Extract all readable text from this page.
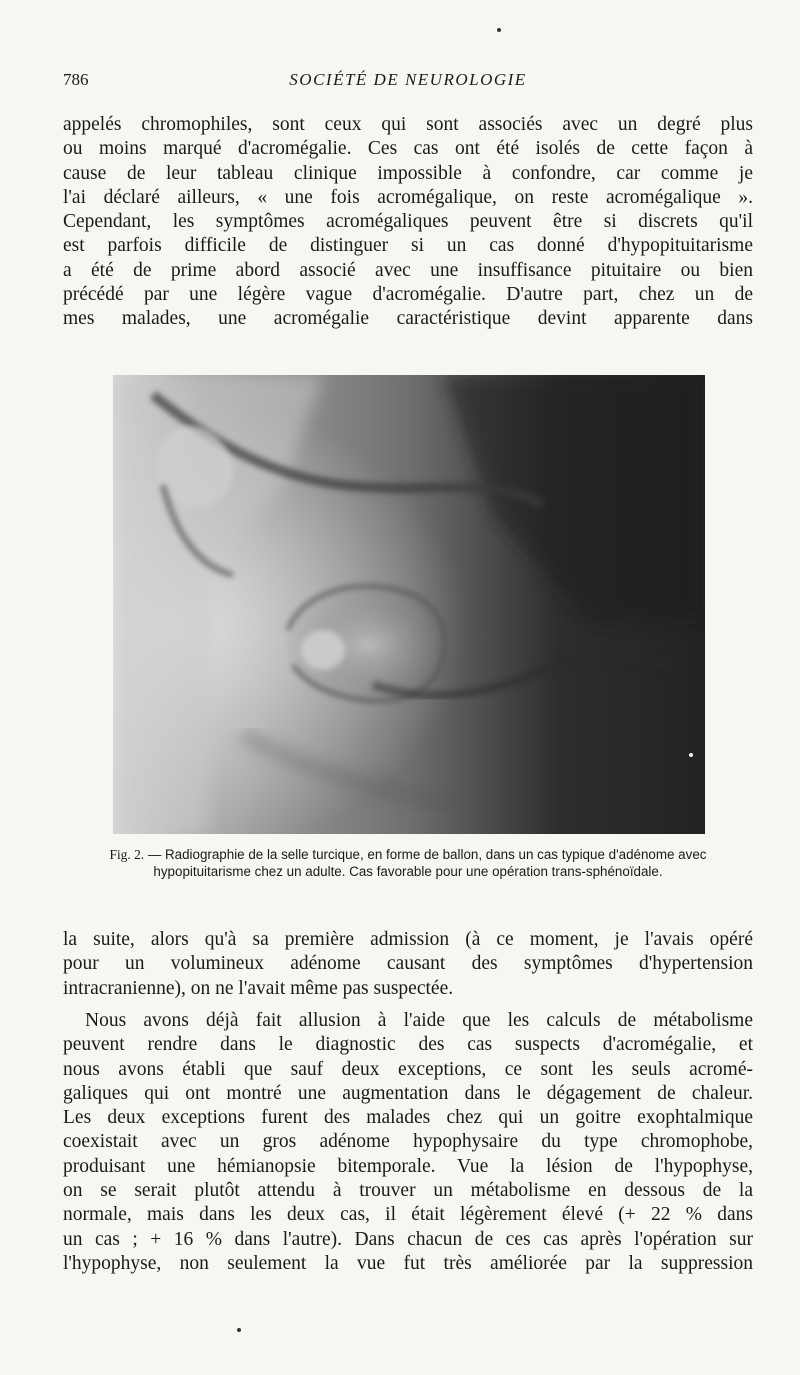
786	SOCIÉTÉ DE NEUROLOGIE

appelés chromophiles, sont ceux qui sont associés avec un degré plus
ou moins marqué d'acromégalie. Ces cas ont été isolés de cette façon à
cause de leur tableau clinique impossible à confondre, car comme je
l'ai déclaré ailleurs, « une fois acromégalique, on reste acromégalique ».
Cependant, les symptômes acromégaliques peuvent être si discrets qu'il
est parfois difficile de distinguer si un cas donné d'hypopituitarisme
a été de prime abord associé avec une insuffisance pituitaire ou bien
précédé par une légère vague d'acromégalie. D'autre part, chez un de
mes malades, une acromégalie caractéristique devint apparente dans

Fig. 2. — Radiographie de la selle turcique, en forme de ballon, dans un cas typique d'adénome avec hypopituitarisme chez un adulte. Cas favorable pour une opération trans-sphénoïdale.

la suite, alors qu'à sa première admission (à ce moment, je l'avais opéré
pour un volumineux adénome causant des symptômes d'hypertension
intracranienne), on ne l'avait même pas suspectée.

Nous avons déjà fait allusion à l'aide que les calculs de métabolisme
peuvent rendre dans le diagnostic des cas suspects d'acromégalie, et
nous avons établi que sauf deux exceptions, ce sont les seuls acromé-
galiques qui ont montré une augmentation dans le dégagement de chaleur.
Les deux exceptions furent des malades chez qui un goitre exophtalmique
coexistait avec un gros adénome hypophysaire du type chromophobe,
produisant une hémianopsie bitemporale. Vue la lésion de l'hypophyse,
on se serait plutôt attendu à trouver un métabolisme en dessous de la
normale, mais dans les deux cas, il était légèrement élevé (+ 22 % dans
un cas ; + 16 % dans l'autre). Dans chacun de ces cas après l'opération sur
l'hypophyse, non seulement la vue fut très améliorée par la suppression
